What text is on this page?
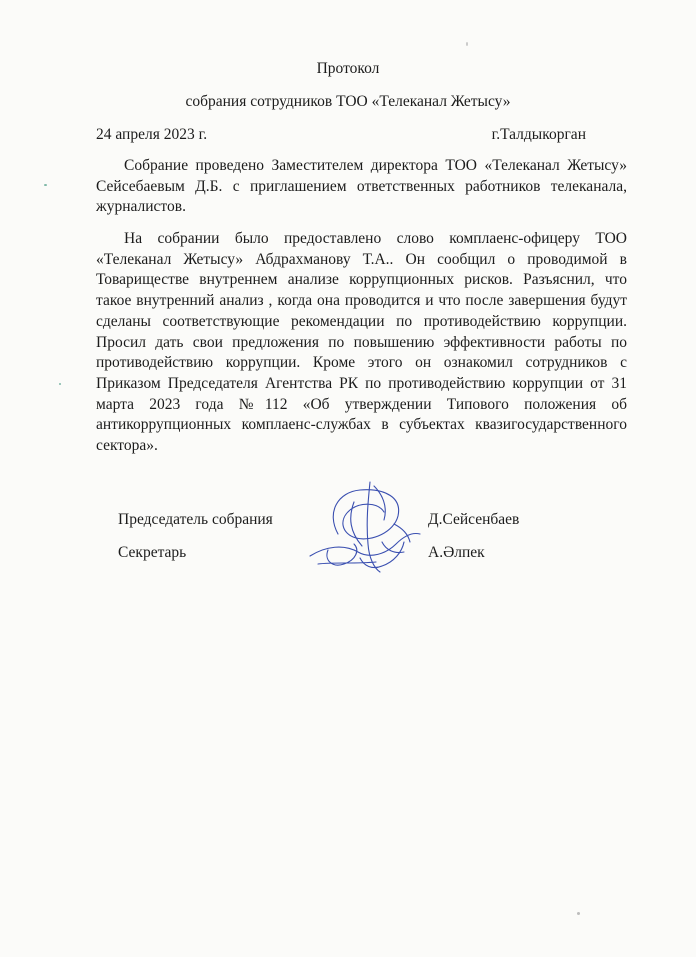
Протокол
собрания сотрудников ТОО «Телеканал Жетысу»
24 апреля 2023 г.	г.Талдыкорган

Собрание проведено Заместителем директора ТОО «Телеканал Жетысу» Сейсебаевым Д.Б. с приглашением ответственных работников телеканала, журналистов.

На собрании было предоставлено слово комплаенс-офицеру ТОО «Телеканал Жетысу» Абдрахманову Т.А.. Он сообщил о проводимой в Товариществе внутреннем анализе коррупционных рисков. Разъяснил, что такое внутренний анализ , когда она проводится и что после завершения будут сделаны соответствующие рекомендации по противодействию коррупции. Просил дать свои предложения по повышению эффективности работы по противодействию коррупции. Кроме этого он ознакомил сотрудников с Приказом Председателя Агентства РК по противодействию коррупции от 31 марта 2023 года №112 «Об утверждении Типового положения об антикоррупционных комплаенс-службах в субъектах квазигосударственного сектора».

Председатель собрания	Д.Сейсенбаев
Секретарь	А.Әлпек
